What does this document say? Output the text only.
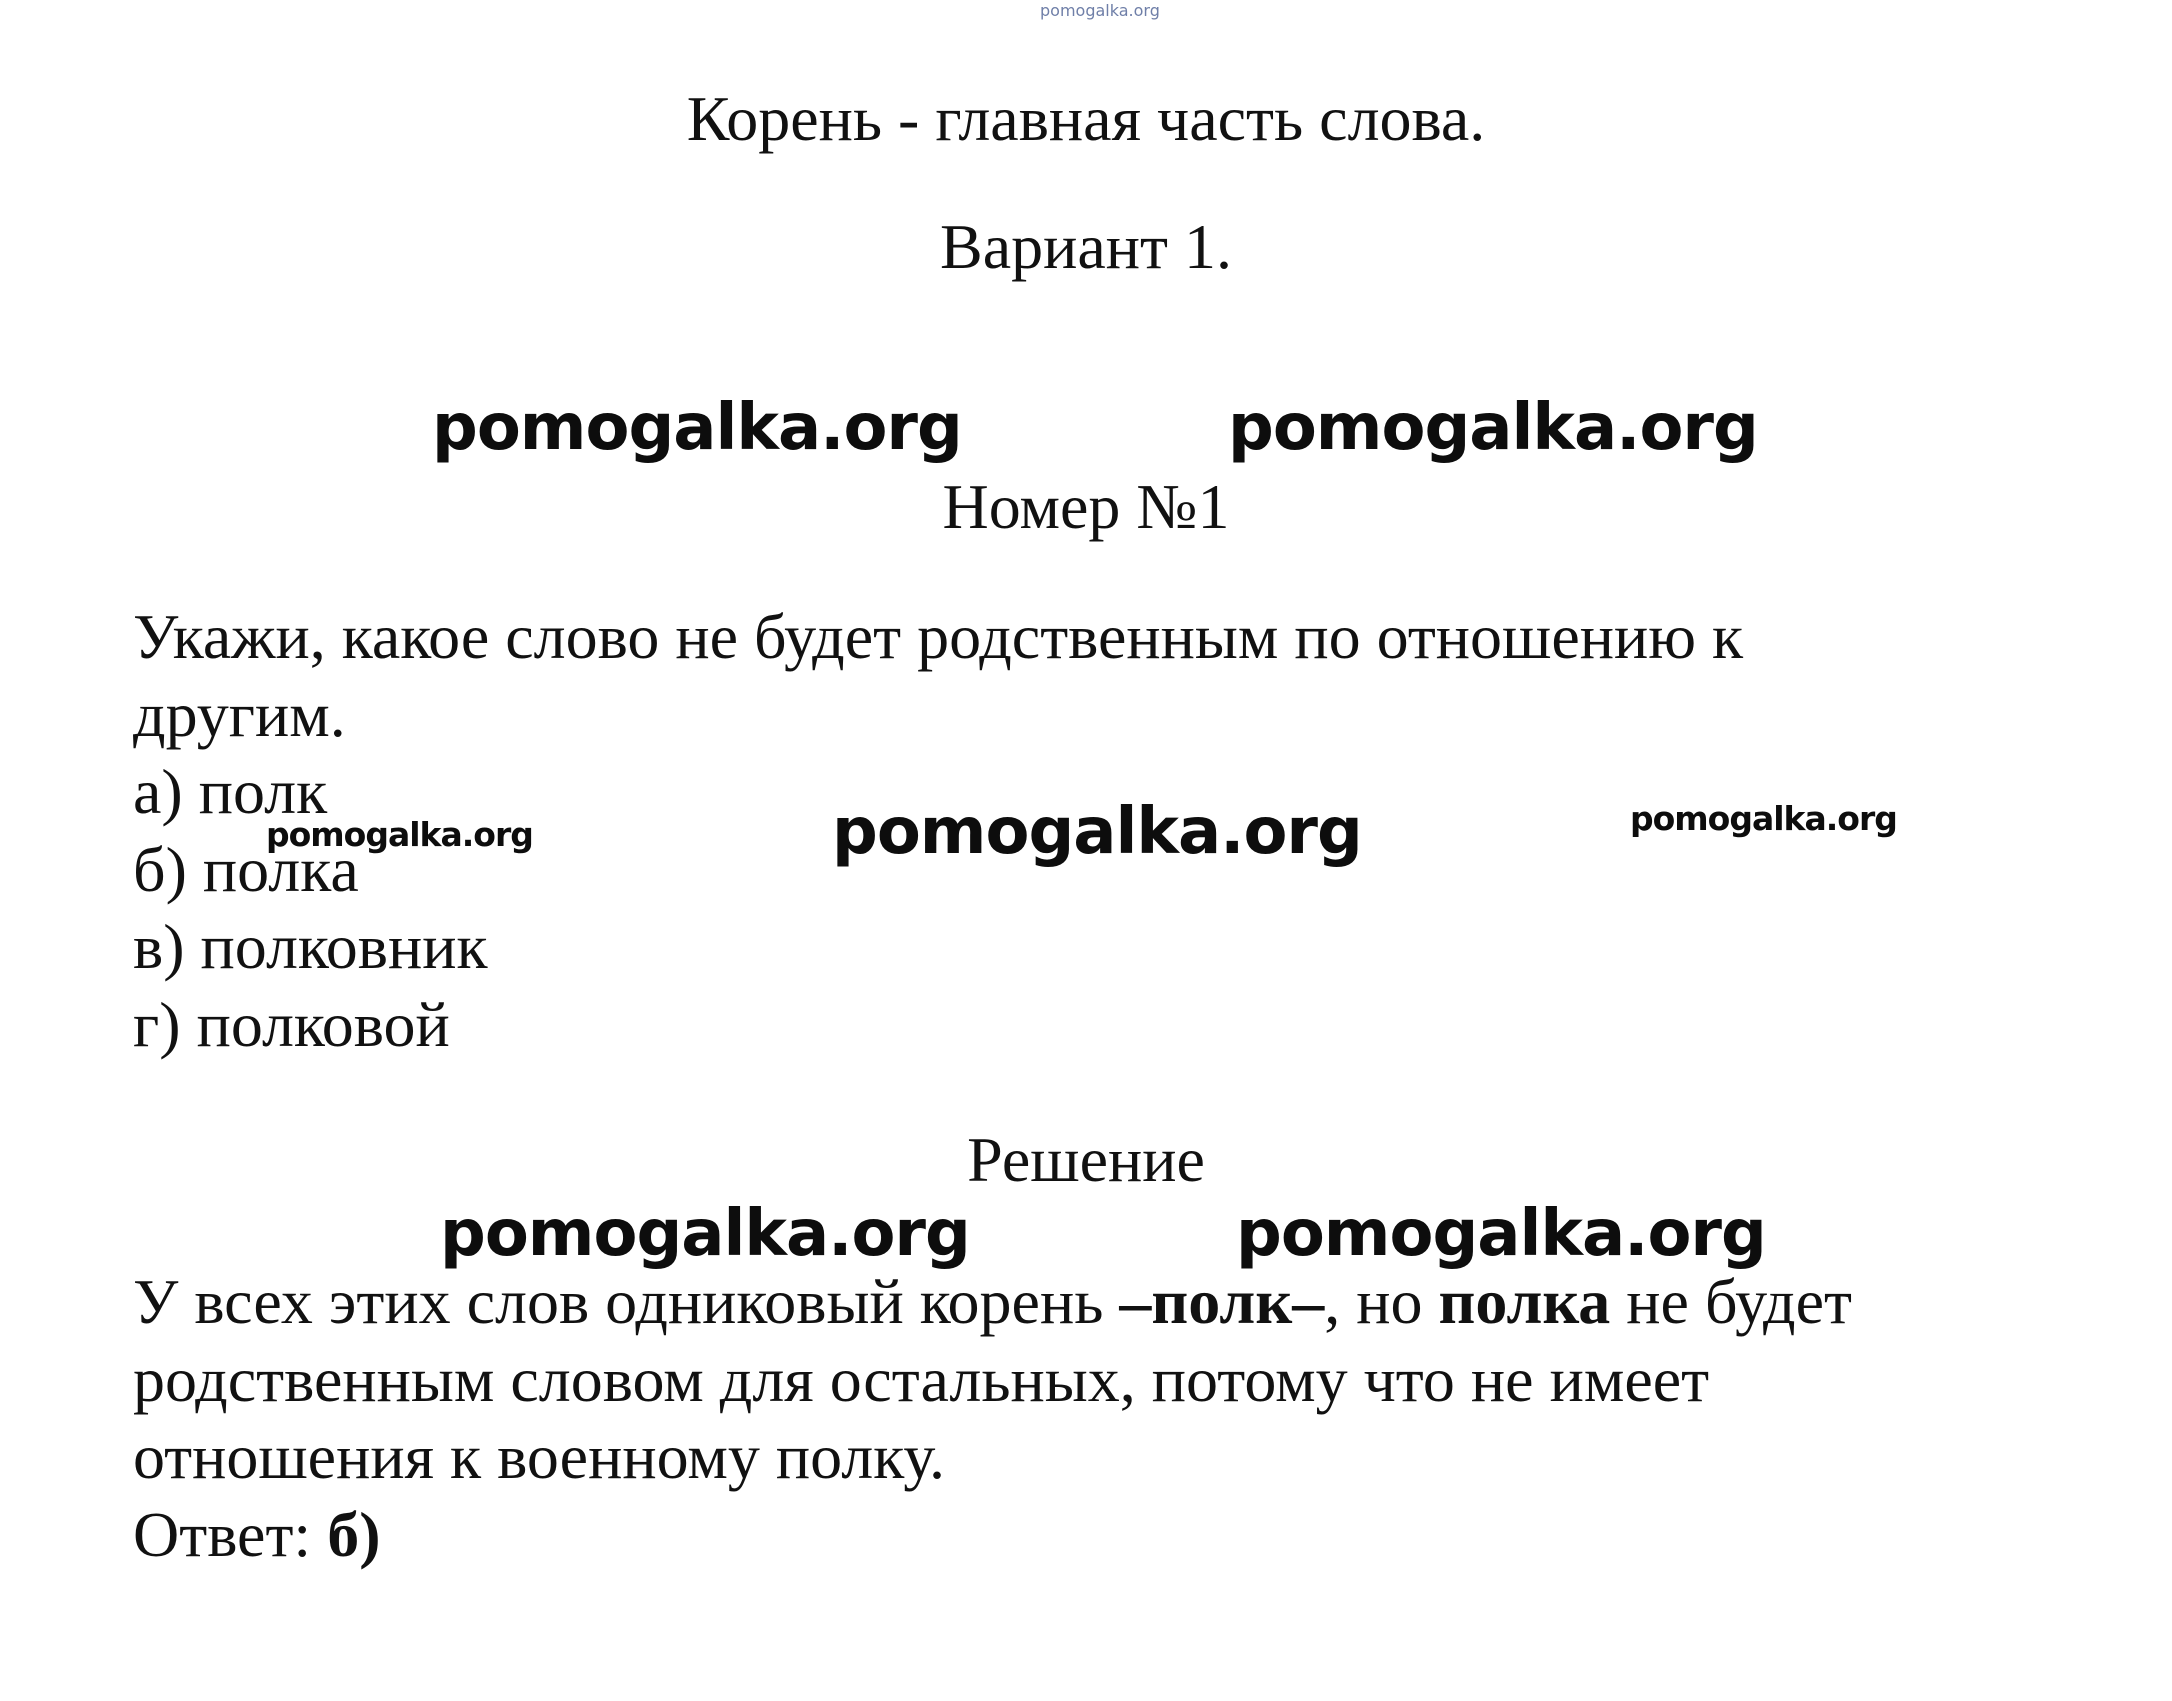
pomogalka.org
Корень - главная часть слова.
Вариант 1.
pomogalka.org	pomogalka.org
Номер №1
Укажи, какое слово не будет родственным по отношению к
другим.
а) полк
б) полка
в) полковник
г) полковой
pomogalka.org	pomogalka.org	pomogalka.org
Решение
pomogalka.org	pomogalka.org
У всех этих слов одниковый корень –полк–, но полка не будет
родственным словом для остальных, потому что не имеет
отношения к военному полку.
Ответ: б)
